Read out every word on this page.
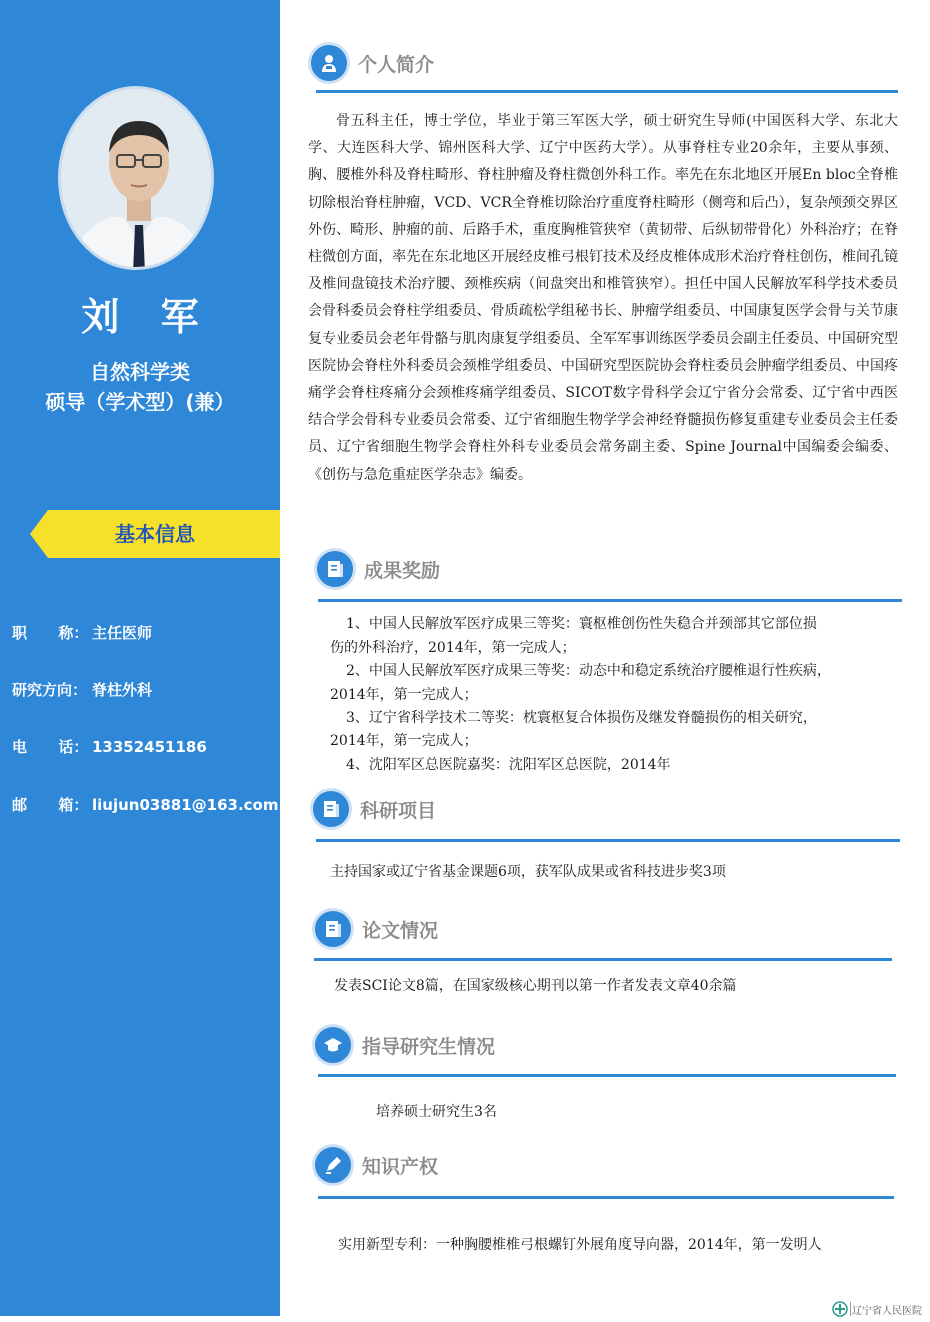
刘 军
自然科学类
硕导（学术型）(兼）
基本信息
职      称： 主任医师
研究方向： 脊柱外科
电      话： 13352451186
邮      箱： liujun03881@163.com
个人简介
骨五科主任，博士学位，毕业于第三军医大学，硕士研究生导师(中国医科大学、东北大学、大连医科大学、锦州医科大学、辽宁中医药大学）。从事脊柱专业20余年，主要从事颈、胸、腰椎外科及脊柱畸形、脊柱肿瘤及脊柱微创外科工作。率先在东北地区开展En bloc全脊椎切除根治脊柱肿瘤，VCD、VCR全脊椎切除治疗重度脊柱畸形（侧弯和后凸），复杂颅颈交界区外伤、畸形、肿瘤的前、后路手术，重度胸椎管狭窄（黄韧带、后纵韧带骨化）外科治疗；在脊柱微创方面，率先在东北地区开展经皮椎弓根钉技术及经皮椎体成形术治疗脊柱创伤，椎间孔镜及椎间盘镜技术治疗腰、颈椎疾病（间盘突出和椎管狭窄）。担任中国人民解放军科学技术委员会骨科委员会脊柱学组委员、骨质疏松学组秘书长、肿瘤学组委员、中国康复医学会骨与关节康复专业委员会老年骨骼与肌肉康复学组委员、全军军事训练医学委员会副主任委员、中国研究型医院协会脊柱外科委员会颈椎学组委员、中国研究型医院协会脊柱委员会肿瘤学组委员、中国疼痛学会脊柱疼痛分会颈椎疼痛学组委员、SICOT数字骨科学会辽宁省分会常委、辽宁省中西医结合学会骨科专业委员会常委、辽宁省细胞生物学学会神经脊髓损伤修复重建专业委员会主任委员、辽宁省细胞生物学会脊柱外科专业委员会常务副主委、Spine Journal中国编委会编委、《创伤与急危重症医学杂志》编委。
成果奖励
1、中国人民解放军医疗成果三等奖：寰枢椎创伤性失稳合并颈部其它部位损
伤的外科治疗，2014年，第一完成人；
2、中国人民解放军医疗成果三等奖：动态中和稳定系统治疗腰椎退行性疾病，
2014年，第一完成人；
3、辽宁省科学技术二等奖：枕寰枢复合体损伤及继发脊髓损伤的相关研究，
2014年，第一完成人；
4、沈阳军区总医院嘉奖：沈阳军区总医院，2014年
科研项目
主持国家或辽宁省基金课题6项，获军队成果或省科技进步奖3项
论文情况
发表SCI论文8篇，在国家级核心期刊以第一作者发表文章40余篇
指导研究生情况
培养硕士研究生3名
知识产权
实用新型专利：一种胸腰椎椎弓根螺钉外展角度导向器，2014年，第一发明人
辽宁省人民医院
